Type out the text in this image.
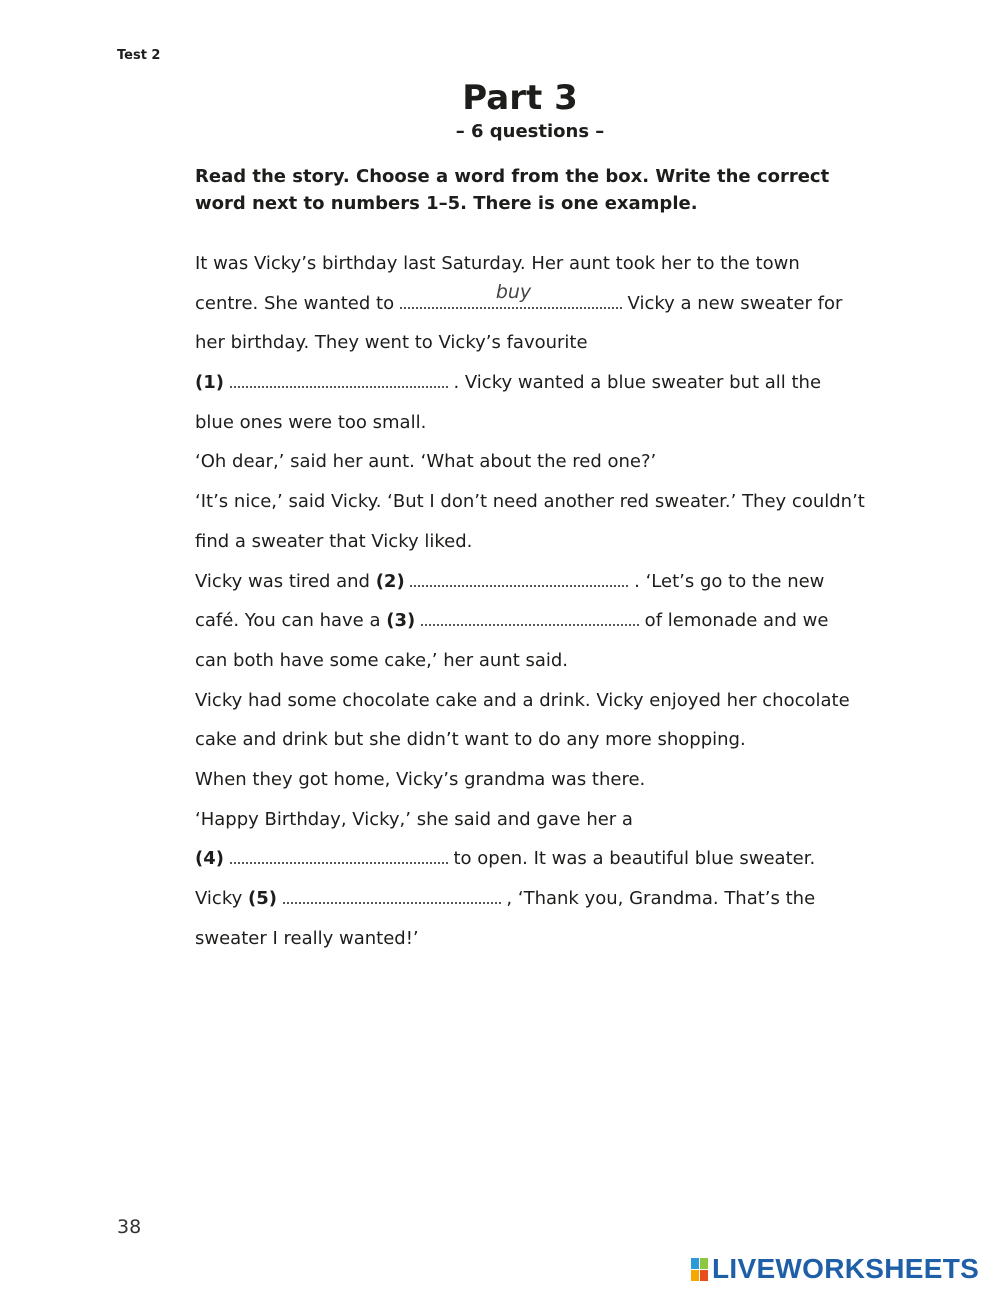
Test 2
Part 3
– 6 questions –
Read the story. Choose a word from the box. Write the correct word next to numbers 1–5. There is one example.
It was Vicky’s birthday last Saturday. Her aunt took her to the town
centre. She wanted to
buy
Vicky a new sweater for
her birthday. They went to Vicky’s favourite
(1)	. Vicky wanted a blue sweater but all the
blue ones were too small.
‘Oh dear,’ said her aunt. ‘What about the red one?’
‘It’s nice,’ said Vicky. ‘But I don’t need another red sweater.’ They couldn’t
find a sweater that Vicky liked.
Vicky was tired and (2)	. ‘Let’s go to the new
café. You can have a (3)	of lemonade and we
can both have some cake,’ her aunt said.
Vicky had some chocolate cake and a drink. Vicky enjoyed her chocolate
cake and drink but she didn’t want to do any more shopping.
When they got home, Vicky’s grandma was there.
‘Happy Birthday, Vicky,’ she said and gave her a
(4)	to open. It was a beautiful blue sweater.
Vicky (5)	, ‘Thank you, Grandma. That’s the
sweater I really wanted!’
38
LIVEWORKSHEETS
